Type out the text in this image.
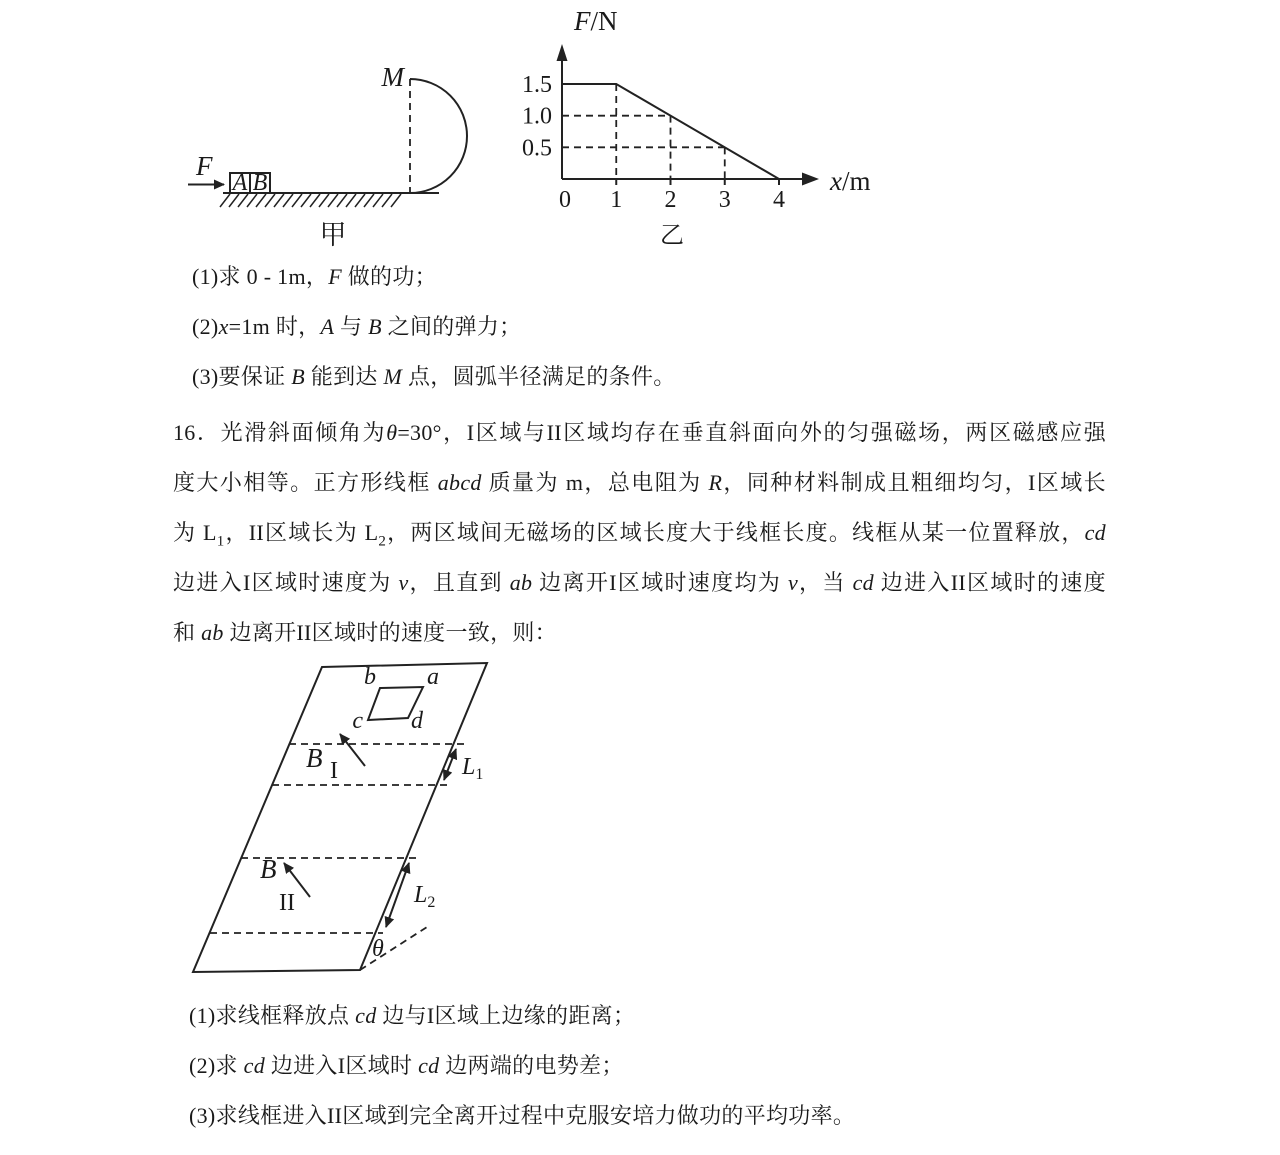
F
A B
M
甲	乙
0 1 2 3 4
1.5
1.0
0.5
F/N
x/m
(1)求 0 - 1m，F 做的功；
(2)x=1m 时，A 与 B 之间的弹力；
(3)要保证 B 能到达 M 点，圆弧半径满足的条件。
16．光滑斜面倾角为θ=30°，I区域与II区域均存在垂直斜面向外的匀强磁场，两区磁感应强
度大小相等。正方形线框 abcd 质量为 m，总电阻为 R，同种材料制成且粗细均匀，I区域长
为 $L_1$，II区域长为 $L_2$，两区域间无磁场的区域长度大于线框长度。线框从某一位置释放，cd
边进入I区域时速度为 v，且直到 ab 边离开I区域时速度均为 v，当 cd 边进入II区域时的速度
和 ab 边离开II区域时的速度一致，则：
b a
c d
B I	$L_1$
B
II	$L_2$
θ
(1)求线框释放点 cd 边与I区域上边缘的距离；
(2)求 cd 边进入I区域时 cd 边两端的电势差；
(3)求线框进入II区域到完全离开过程中克服安培力做功的平均功率。
